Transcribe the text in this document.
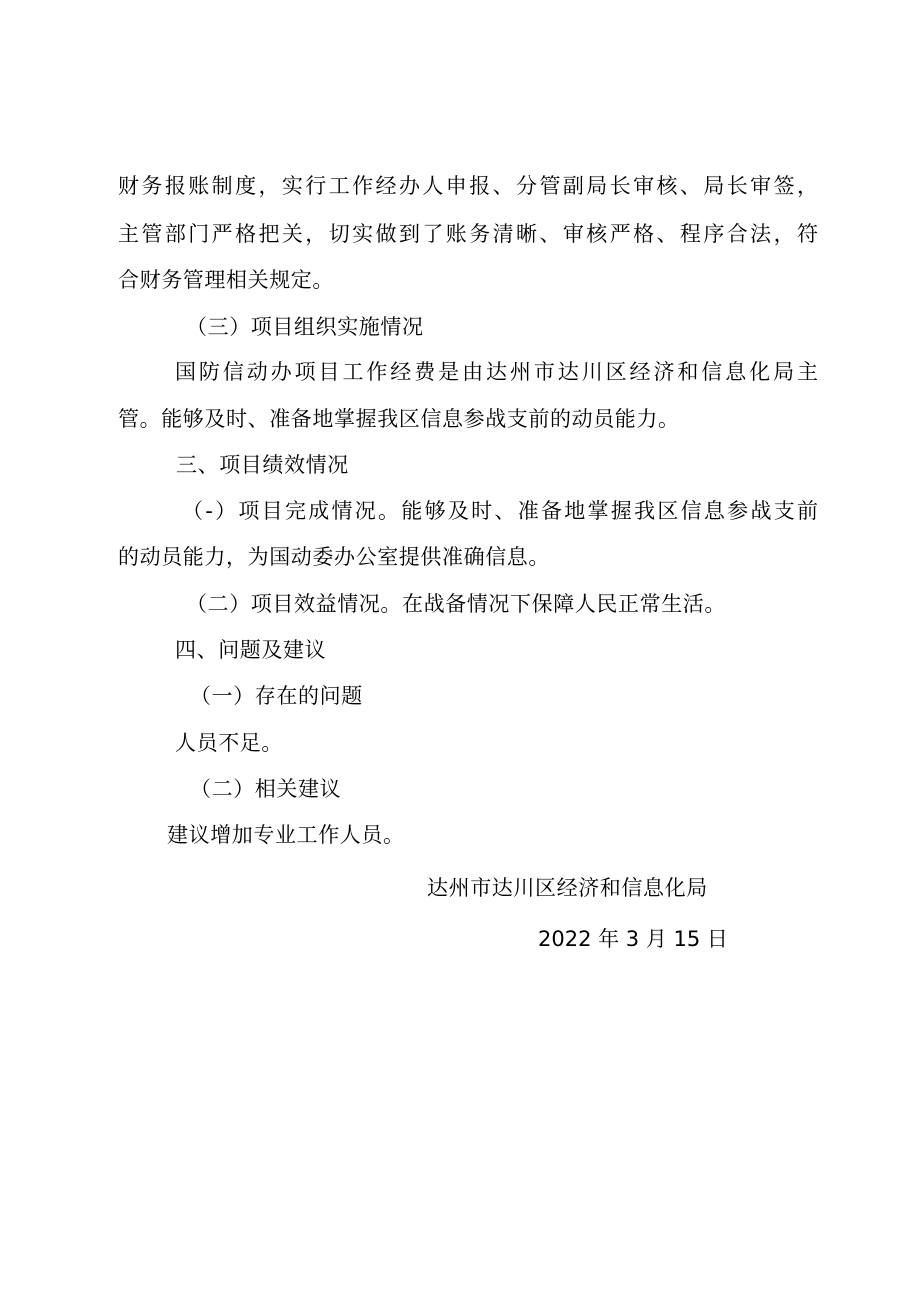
财务报账制度，实行工作经办人申报、分管副局长审核、局长审签，
主管部门严格把关，切实做到了账务清晰、审核严格、程序合法，符
合财务管理相关规定。
（三）项目组织实施情况
国防信动办项目工作经费是由达州市达川区经济和信息化局主
管。能够及时、准备地掌握我区信息参战支前的动员能力。
三、项目绩效情况
（-）项目完成情况。能够及时、准备地掌握我区信息参战支前
的动员能力，为国动委办公室提供准确信息。
（二）项目效益情况。在战备情况下保障人民正常生活。
四、问题及建议
（一）存在的问题
人员不足。
（二）相关建议
建议增加专业工作人员。
达州市达川区经济和信息化局
2022 年 3 月 15 日
